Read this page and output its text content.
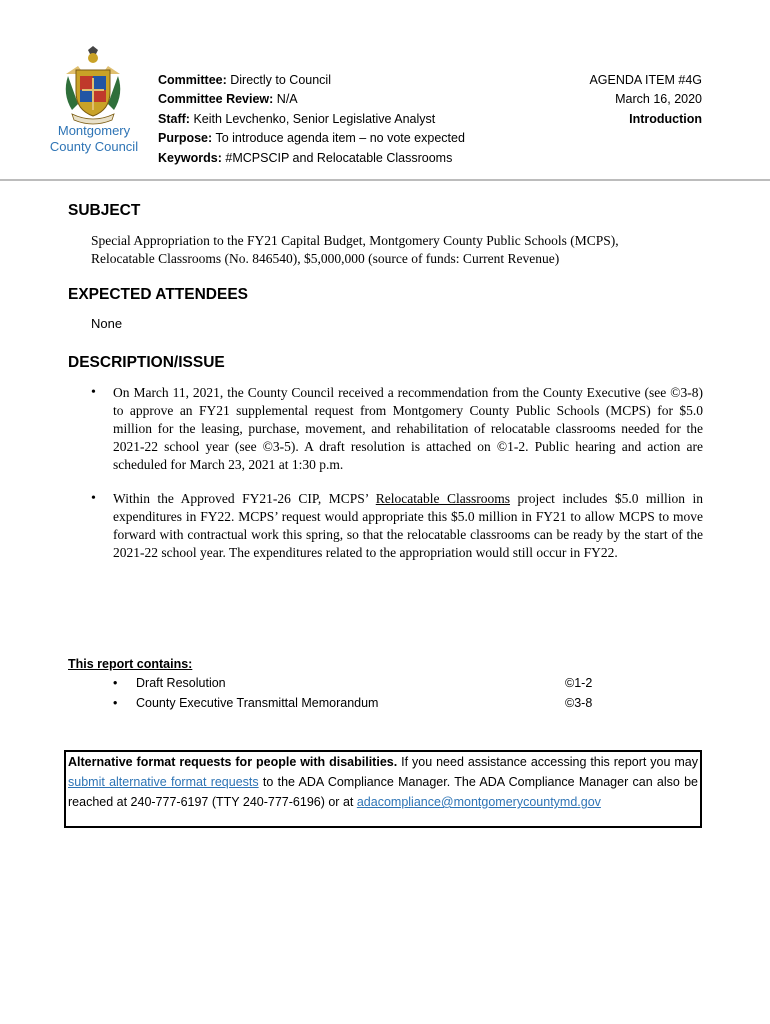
Montgomery
County Council
Committee: Directly to Council
Committee Review: N/A
Staff: Keith Levchenko, Senior Legislative Analyst
Purpose: To introduce agenda item – no vote expected
Keywords: #MCPSCIP and Relocatable Classrooms
AGENDA ITEM #4G
March 16, 2020
Introduction
SUBJECT
Special Appropriation to the FY21 Capital Budget, Montgomery County Public Schools (MCPS),
Relocatable Classrooms (No. 846540), $5,000,000 (source of funds: Current Revenue)
EXPECTED ATTENDEES
None
DESCRIPTION/ISSUE
• On March 11, 2021, the County Council received a recommendation from the County Executive (see ©3-8) to approve an FY21 supplemental request from Montgomery County Public Schools (MCPS) for $5.0 million for the leasing, purchase, movement, and rehabilitation of relocatable classrooms needed for the 2021-22 school year (see ©3-5). A draft resolution is attached on ©1-2. Public hearing and action are scheduled for March 23, 2021 at 1:30 p.m.
• Within the Approved FY21-26 CIP, MCPS’ Relocatable Classrooms project includes $5.0 million in expenditures in FY22. MCPS’ request would appropriate this $5.0 million in FY21 to allow MCPS to move forward with contractual work this spring, so that the relocatable classrooms can be ready by the start of the 2021-22 school year. The expenditures related to the appropriation would still occur in FY22.
This report contains:
• Draft Resolution	©1-2
• County Executive Transmittal Memorandum	©3-8
Alternative format requests for people with disabilities. If you need assistance accessing this report you may submit alternative format requests to the ADA Compliance Manager. The ADA Compliance Manager can also be reached at 240-777-6197 (TTY 240-777-6196) or at adacompliance@montgomerycountymd.gov
